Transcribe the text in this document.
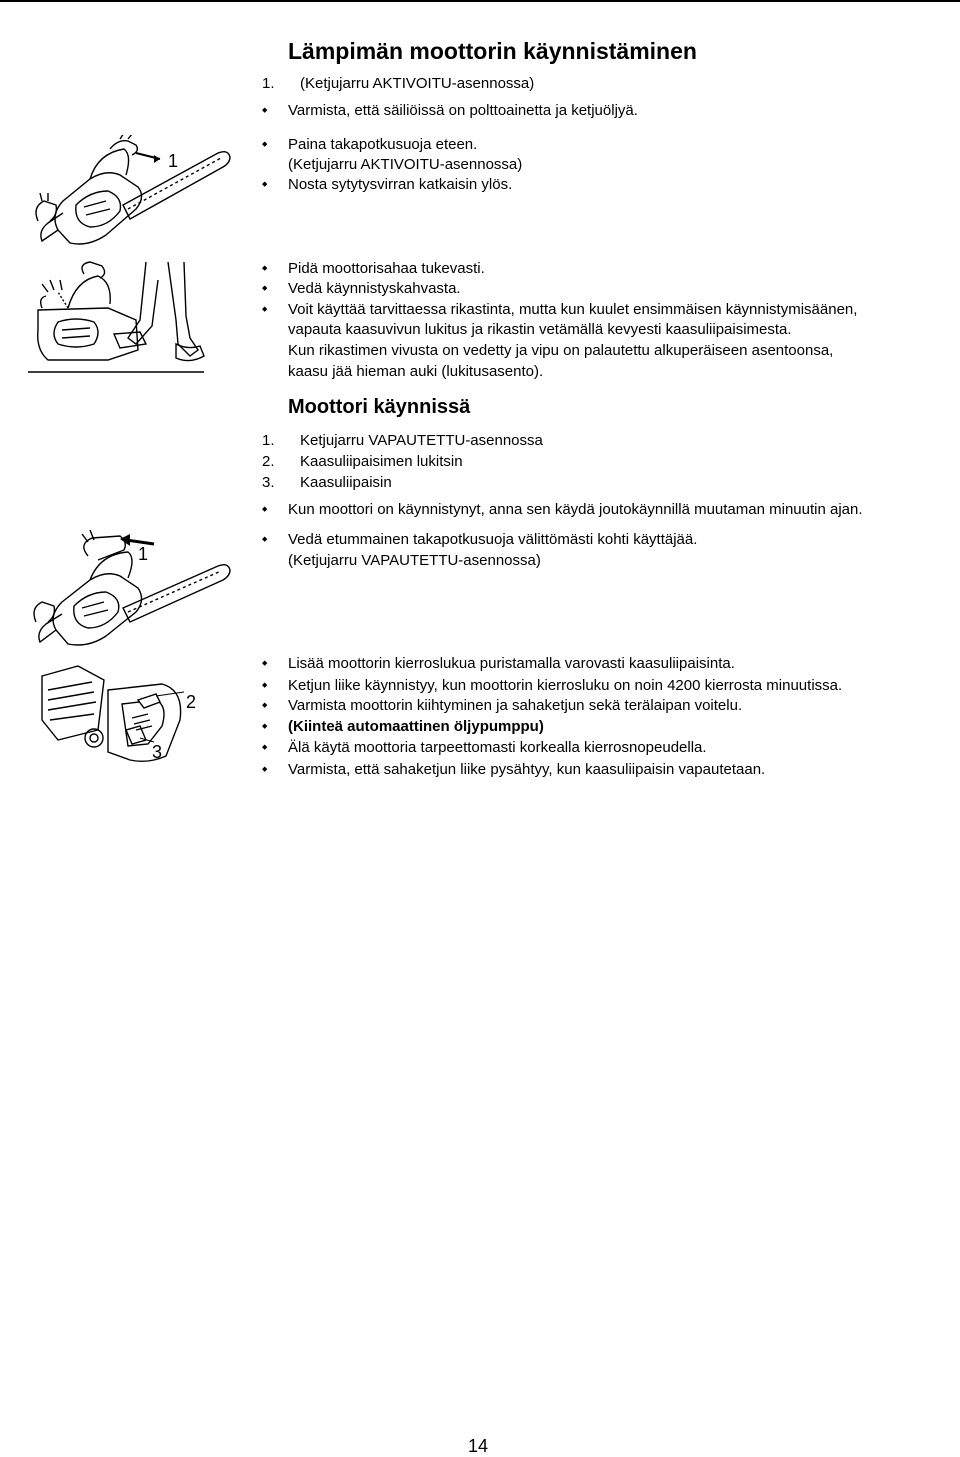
Lämpimän moottorin käynnistäminen
1. (Ketjujarru AKTIVOITU-asennossa)
◆
Varmista, että säiliöissä on polttoainetta ja ketjuöljyä.
◆
Paina takapotkusuoja eteen.
(Ketjujarru AKTIVOITU-asennossa)
◆
Nosta sytytysvirran katkaisin ylös.
◆
Pidä moottorisahaa tukevasti.
◆
Vedä käynnistyskahvasta.
◆
Voit käyttää tarvittaessa rikastinta, mutta kun kuulet ensimmäisen käynnistymisäänen,
vapauta kaasuvivun lukitus ja rikastin vetämällä kevyesti kaasuliipaisimesta.
Kun rikastimen vivusta on vedetty ja vipu on palautettu alkuperäiseen asentoonsa,
kaasu jää hieman auki (lukitusasento).
Moottori käynnissä
1. Ketjujarru VAPAUTETTU-asennossa
2. Kaasuliipaisimen lukitsin
3. Kaasuliipaisin
◆
Kun moottori on käynnistynyt, anna sen käydä joutokäynnillä muutaman minuutin ajan.
◆
Vedä etummainen takapotkusuoja välittömästi kohti käyttäjää.
(Ketjujarru VAPAUTETTU-asennossa)
◆
Lisää moottorin kierroslukua puristamalla varovasti kaasuliipaisinta.
◆
Ketjun liike käynnistyy, kun moottorin kierrosluku on noin 4200 kierrosta minuutissa.
◆
Varmista moottorin kiihtyminen ja sahaketjun sekä terälaipan voitelu.
◆
(Kiinteä automaattinen öljypumppu)
◆
Älä käytä moottoria tarpeettomasti korkealla kierrosnopeudella.
◆
Varmista, että sahaketjun liike pysähtyy, kun kaasuliipaisin vapautetaan.
1
1
2
3
14
